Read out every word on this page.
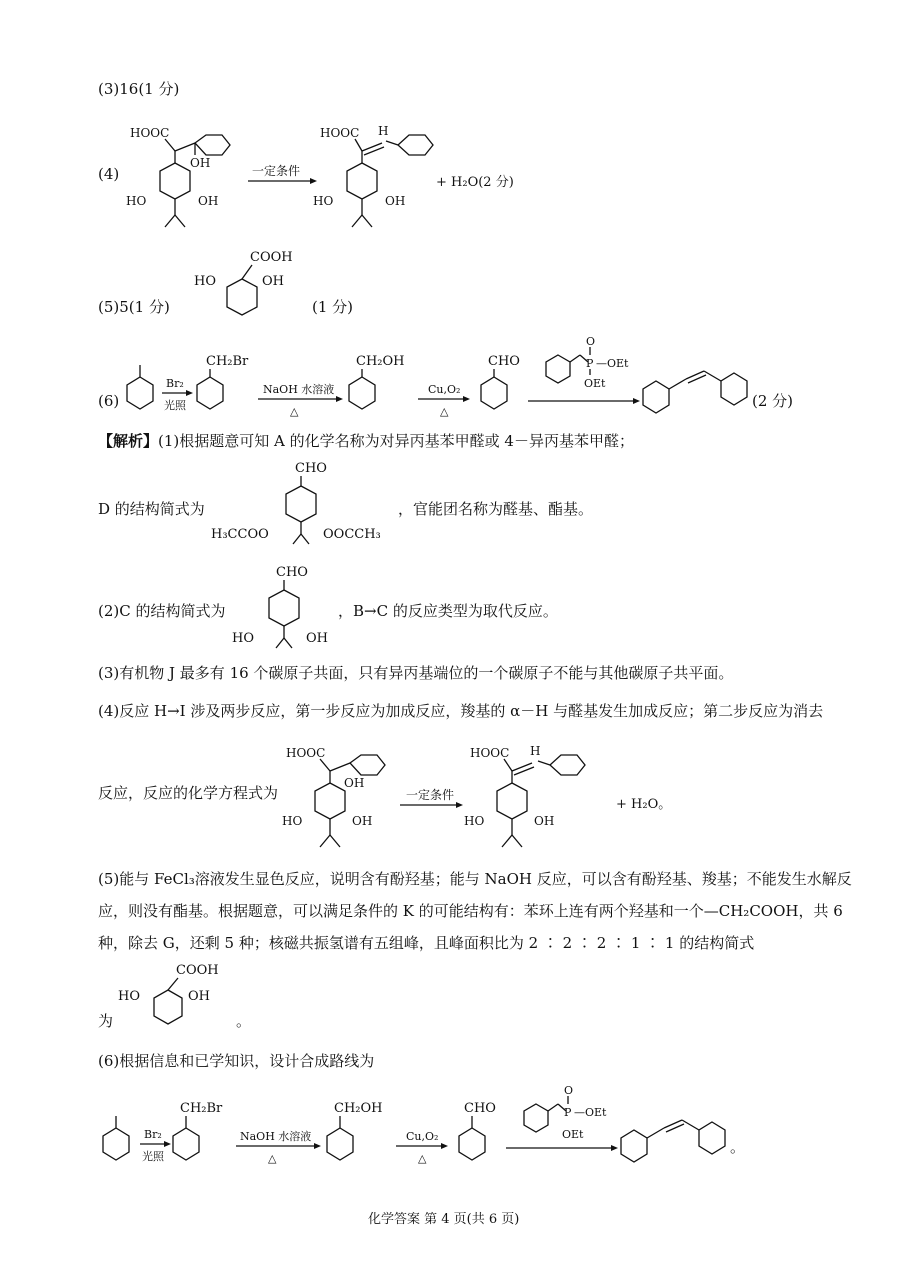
(3)16(1 分)
(4)
HOOC
OH
HO	OH
一定条件
HOOC H
HO	OH
+ H₂O(2 分)
(5)5(1 分)
COOH
HO	OH
(1 分)
(6)
Br₂
光照
CH₂Br
NaOH 水溶液
△
CH₂OH
Cu,O₂
△
CHO	P
O
—OEt
OEt
(2 分)
【解析】(1)根据题意可知 A 的化学名称为对异丙基苯甲醛或 4－异丙基苯甲醛；
D 的结构简式为
CHO
H₃CCOO	OOCCH₃
，官能团名称为醛基、酯基。
(2)C 的结构简式为
CHO
HO	OH
，B→C 的反应类型为取代反应。
(3)有机物 J 最多有 16 个碳原子共面，只有异丙基端位的一个碳原子不能与其他碳原子共平面。
(4)反应 H→I 涉及两步反应，第一步反应为加成反应，羧基的 α－H 与醛基发生加成反应；第二步反应为消去
反应，反应的化学方程式为
HOOC
OH
HO	OH
一定条件
HOOC H
HO	OH
+ H₂O。
(5)能与 FeCl₃溶液发生显色反应，说明含有酚羟基；能与 NaOH 反应，可以含有酚羟基、羧基；不能发生水解反
应，则没有酯基。根据题意，可以满足条件的 K 的可能结构有：苯环上连有两个羟基和一个—CH₂COOH，共 6
种，除去 G，还剩 5 种；核磁共振氢谱有五组峰，且峰面积比为 2 ∶ 2 ∶ 2 ∶ 1 ∶ 1 的结构简式
为
COOH
HO	OH
。
(6)根据信息和已学知识，设计合成路线为
Br₂
光照
CH₂Br
NaOH 水溶液
△
CH₂OH
Cu,O₂
△
CHO	P
O
—OEt
OEt
。
化学答案 第 4 页(共 6 页)
